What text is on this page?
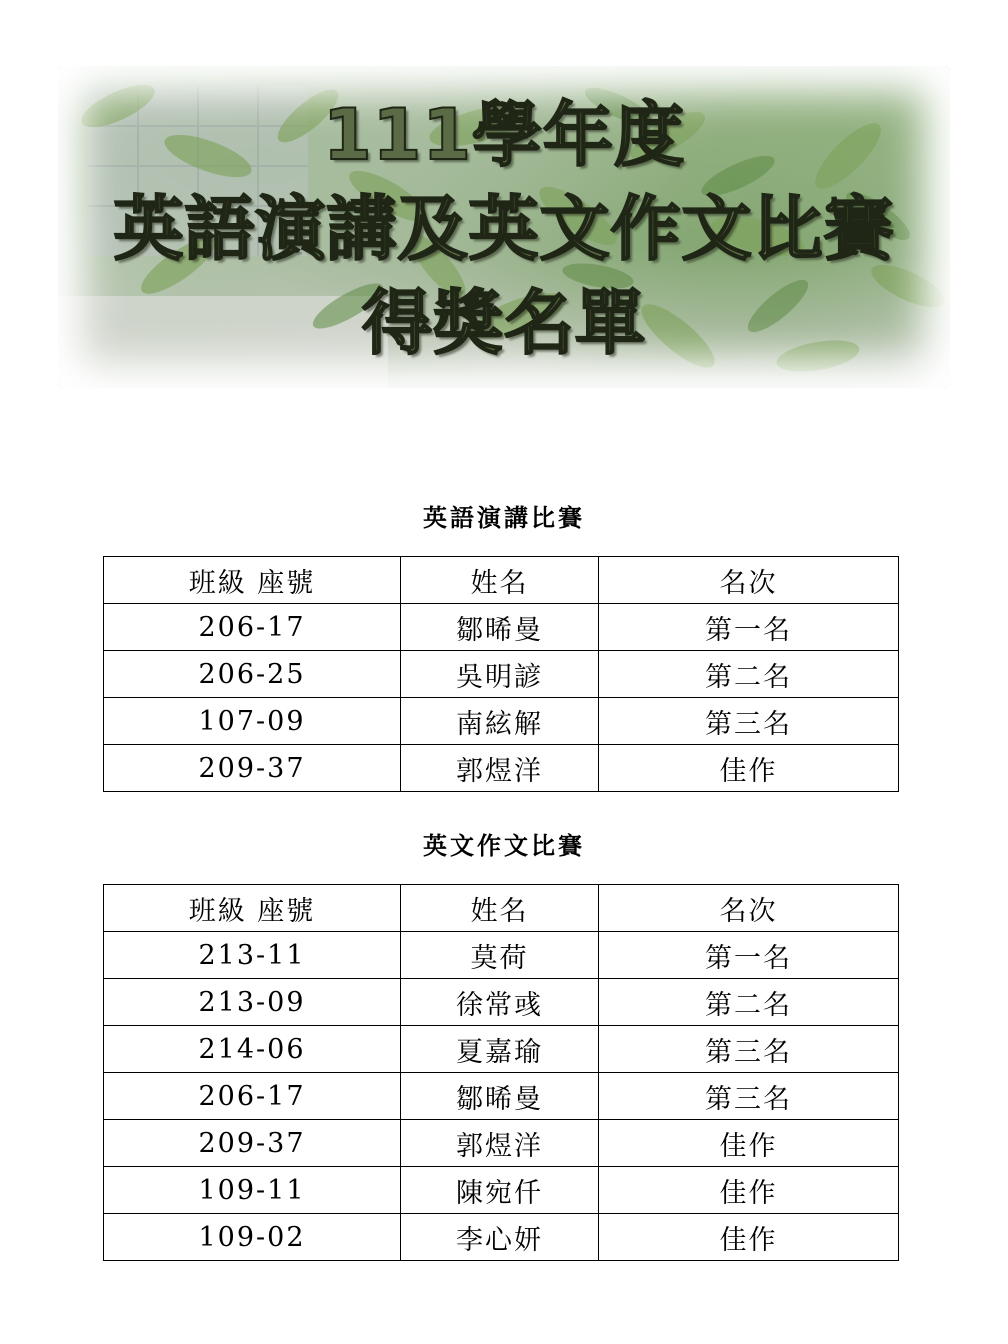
111學年度
英語演講及英文作文比賽
得獎名單
英語演講比賽
班級 座號	姓名	名次
206-17	鄒晞曼	第一名
206-25	吳明諺	第二名
107-09	南絃解	第三名
209-37	郭煜洋	佳作
英文作文比賽
班級 座號	姓名	名次
213-11	莫荷	第一名
213-09	徐常彧	第二名
214-06	夏嘉瑜	第三名
206-17	鄒晞曼	第三名
209-37	郭煜洋	佳作
109-11	陳宛仟	佳作
109-02	李心妍	佳作
